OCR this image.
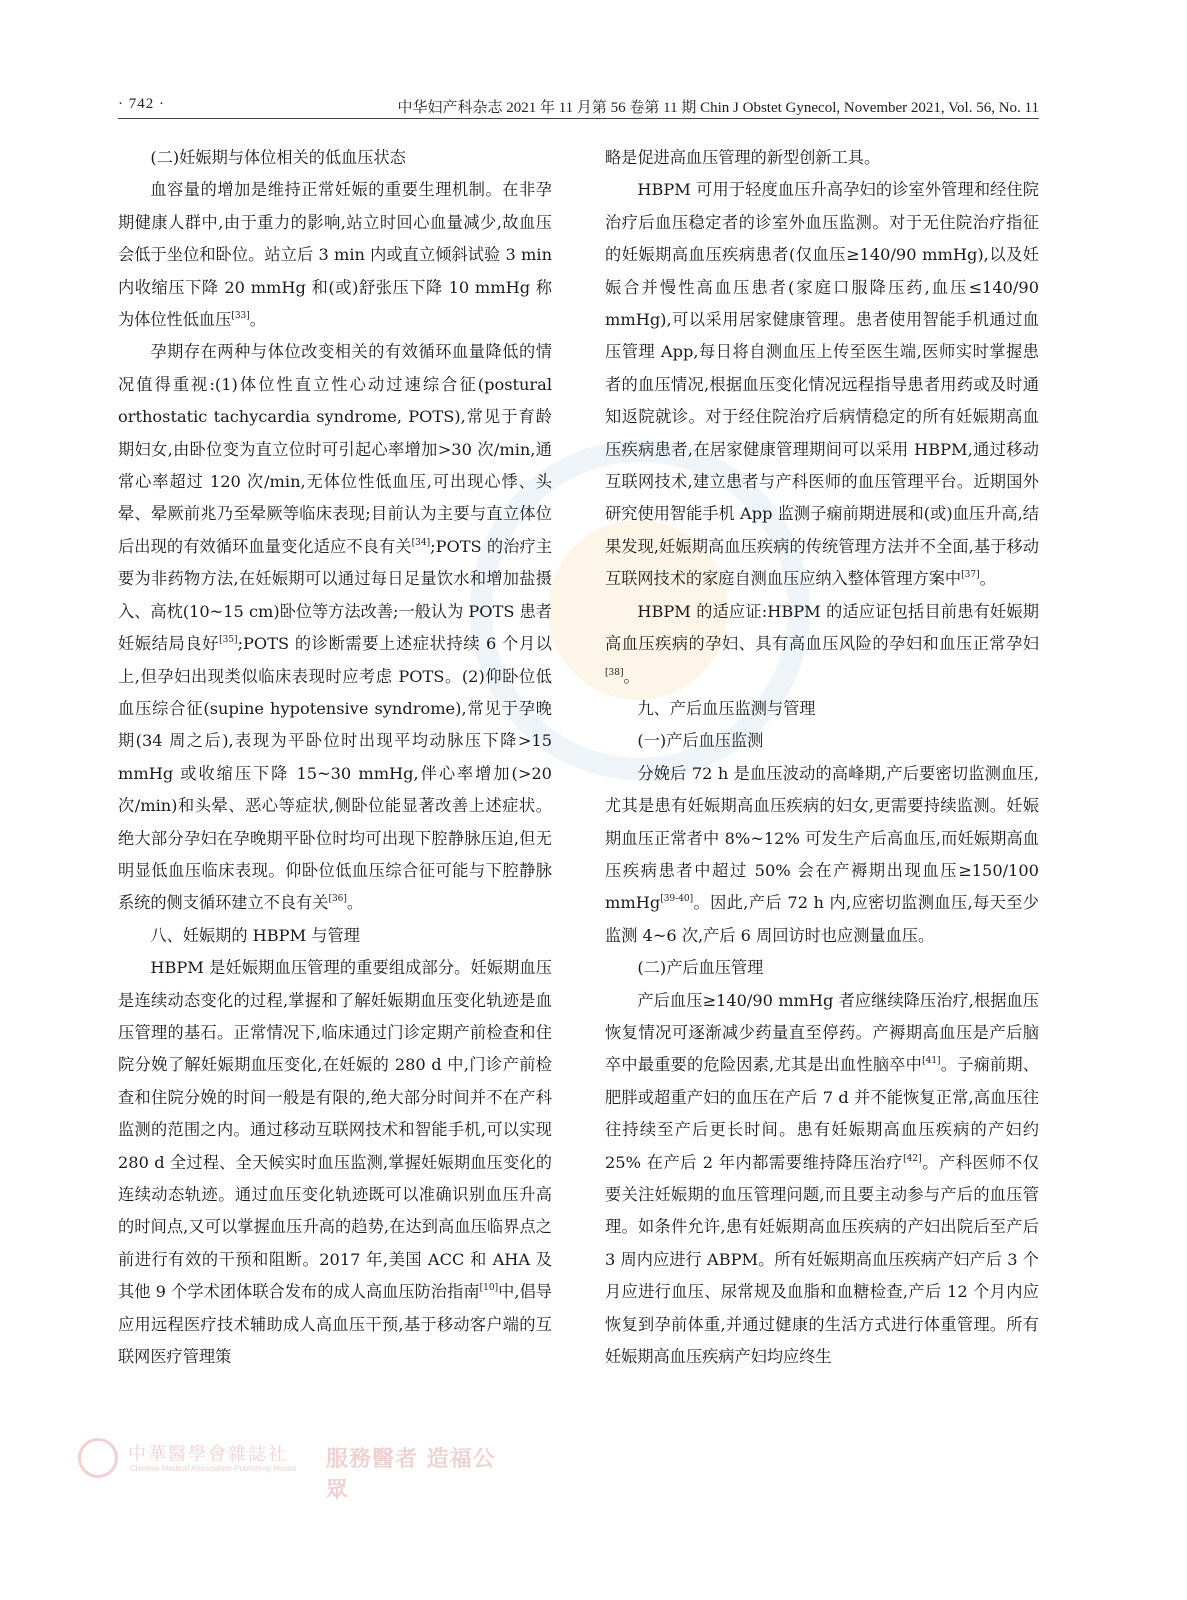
· 742 ·	中华妇产科杂志 2021 年 11 月第 56 卷第 11 期 Chin J Obstet Gynecol, November 2021, Vol. 56, No. 11

(二)妊娠期与体位相关的低血压状态

血容量的增加是维持正常妊娠的重要生理机制。在非孕期健康人群中,由于重力的影响,站立时回心血量减少,故血压会低于坐位和卧位。站立后 3 min 内或直立倾斜试验 3 min 内收缩压下降 20 mmHg 和(或)舒张压下降 10 mmHg 称为体位性低血压[33]。

孕期存在两种与体位改变相关的有效循环血量降低的情况值得重视:(1)体位性直立性心动过速综合征(postural orthostatic tachycardia syndrome, POTS),常见于育龄期妇女,由卧位变为直立位时可引起心率增加>30 次/min,通常心率超过 120 次/min,无体位性低血压,可出现心悸、头晕、晕厥前兆乃至晕厥等临床表现;目前认为主要与直立体位后出现的有效循环血量变化适应不良有关[34];POTS 的治疗主要为非药物方法,在妊娠期可以通过每日足量饮水和增加盐摄入、高枕(10~15 cm)卧位等方法改善;一般认为 POTS 患者妊娠结局良好[35];POTS 的诊断需要上述症状持续 6 个月以上,但孕妇出现类似临床表现时应考虑 POTS。(2)仰卧位低血压综合征(supine hypotensive syndrome),常见于孕晚期(34 周之后),表现为平卧位时出现平均动脉压下降>15 mmHg 或收缩压下降 15~30 mmHg,伴心率增加(>20 次/min)和头晕、恶心等症状,侧卧位能显著改善上述症状。绝大部分孕妇在孕晚期平卧位时均可出现下腔静脉压迫,但无明显低血压临床表现。仰卧位低血压综合征可能与下腔静脉系统的侧支循环建立不良有关[36]。

八、妊娠期的 HBPM 与管理

HBPM 是妊娠期血压管理的重要组成部分。妊娠期血压是连续动态变化的过程,掌握和了解妊娠期血压变化轨迹是血压管理的基石。正常情况下,临床通过门诊定期产前检查和住院分娩了解妊娠期血压变化,在妊娠的 280 d 中,门诊产前检查和住院分娩的时间一般是有限的,绝大部分时间并不在产科监测的范围之内。通过移动互联网技术和智能手机,可以实现 280 d 全过程、全天候实时血压监测,掌握妊娠期血压变化的连续动态轨迹。通过血压变化轨迹既可以准确识别血压升高的时间点,又可以掌握血压升高的趋势,在达到高血压临界点之前进行有效的干预和阻断。2017 年,美国 ACC 和 AHA 及其他 9 个学术团体联合发布的成人高血压防治指南[10]中,倡导应用远程医疗技术辅助成人高血压干预,基于移动客户端的互联网医疗管理策

略是促进高血压管理的新型创新工具。

HBPM 可用于轻度血压升高孕妇的诊室外管理和经住院治疗后血压稳定者的诊室外血压监测。对于无住院治疗指征的妊娠期高血压疾病患者(仅血压≥140/90 mmHg),以及妊娠合并慢性高血压患者(家庭口服降压药,血压≤140/90 mmHg),可以采用居家健康管理。患者使用智能手机通过血压管理 App,每日将自测血压上传至医生端,医师实时掌握患者的血压情况,根据血压变化情况远程指导患者用药或及时通知返院就诊。对于经住院治疗后病情稳定的所有妊娠期高血压疾病患者,在居家健康管理期间可以采用 HBPM,通过移动互联网技术,建立患者与产科医师的血压管理平台。近期国外研究使用智能手机 App 监测子痫前期进展和(或)血压升高,结果发现,妊娠期高血压疾病的传统管理方法并不全面,基于移动互联网技术的家庭自测血压应纳入整体管理方案中[37]。

HBPM 的适应证:HBPM 的适应证包括目前患有妊娠期高血压疾病的孕妇、具有高血压风险的孕妇和血压正常孕妇[38]。

九、产后血压监测与管理

(一)产后血压监测

分娩后 72 h 是血压波动的高峰期,产后要密切监测血压,尤其是患有妊娠期高血压疾病的妇女,更需要持续监测。妊娠期血压正常者中 8%~12% 可发生产后高血压,而妊娠期高血压疾病患者中超过 50% 会在产褥期出现血压≥150/100 mmHg[39-40]。因此,产后 72 h 内,应密切监测血压,每天至少监测 4~6 次,产后 6 周回访时也应测量血压。

(二)产后血压管理

产后血压≥140/90 mmHg 者应继续降压治疗,根据血压恢复情况可逐渐减少药量直至停药。产褥期高血压是产后脑卒中最重要的危险因素,尤其是出血性脑卒中[41]。子痫前期、肥胖或超重产妇的血压在产后 7 d 并不能恢复正常,高血压往往持续至产后更长时间。患有妊娠期高血压疾病的产妇约 25% 在产后 2 年内都需要维持降压治疗[42]。产科医师不仅要关注妊娠期的血压管理问题,而且要主动参与产后的血压管理。如条件允许,患有妊娠期高血压疾病的产妇出院后至产后 3 周内应进行 ABPM。所有妊娠期高血压疾病产妇产后 3 个月应进行血压、尿常规及血脂和血糖检查,产后 12 个月内应恢复到孕前体重,并通过健康的生活方式进行体重管理。所有妊娠期高血压疾病产妇均应终生

中華醫學會雜誌社
Chinese Medical Association Publishing House 服務醫者 造福公眾
